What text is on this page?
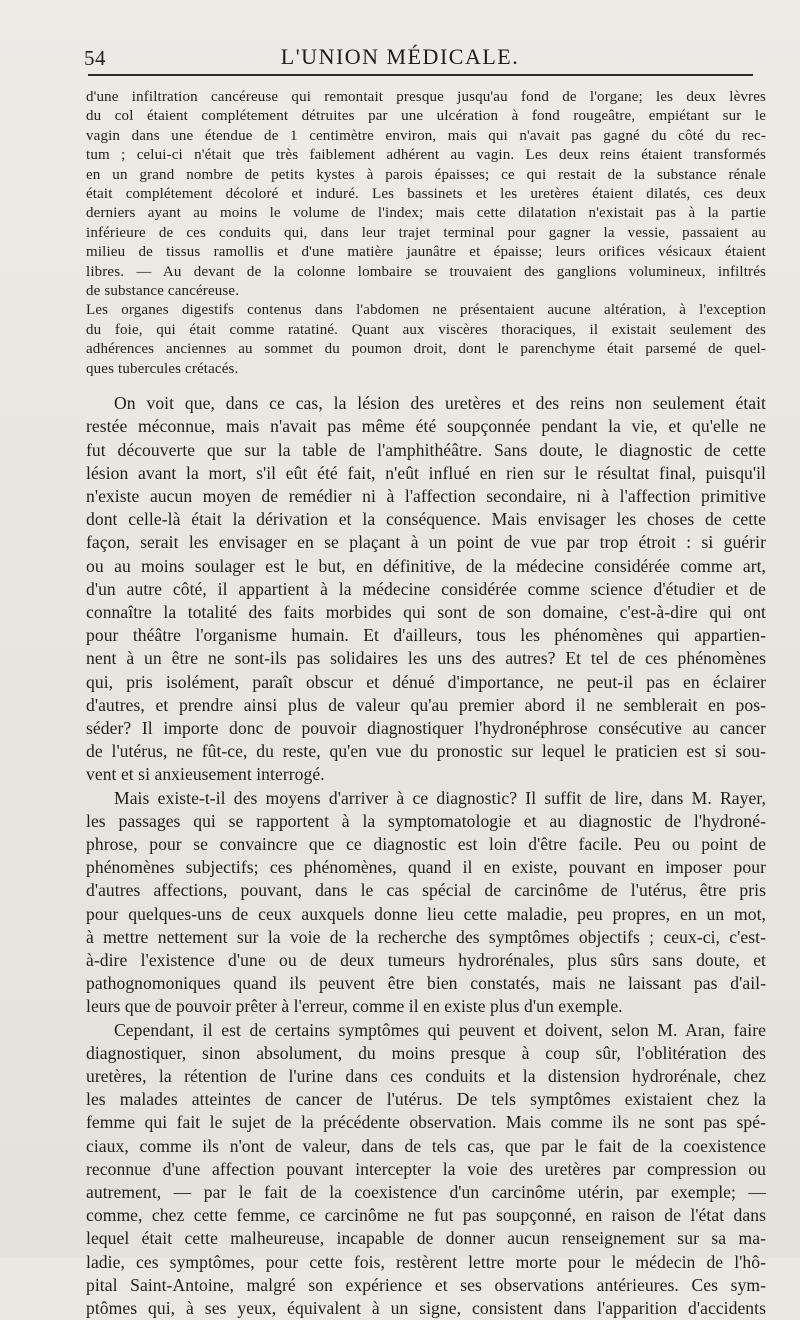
54	L'UNION MÉDICALE.
d'une infiltration cancéreuse qui remontait presque jusqu'au fond de l'organe; les deux lèvres
du col étaient complétement détruites par une ulcération à fond rougeâtre, empiétant sur le
vagin dans une étendue de 1 centimètre environ, mais qui n'avait pas gagné du côté du rec-
tum ; celui-ci n'était que très faiblement adhérent au vagin. Les deux reins étaient transformés
en un grand nombre de petits kystes à parois épaisses; ce qui restait de la substance rénale
était complétement décoloré et induré. Les bassinets et les uretères étaient dilatés, ces deux
derniers ayant au moins le volume de l'index; mais cette dilatation n'existait pas à la partie
inférieure de ces conduits qui, dans leur trajet terminal pour gagner la vessie, passaient au
milieu de tissus ramollis et d'une matière jaunâtre et épaisse; leurs orifices vésicaux étaient
libres. — Au devant de la colonne lombaire se trouvaient des ganglions volumineux, infiltrés
de substance cancéreuse.
Les organes digestifs contenus dans l'abdomen ne présentaient aucune altération, à l'exception
du foie, qui était comme ratatiné. Quant aux viscères thoraciques, il existait seulement des
adhérences anciennes au sommet du poumon droit, dont le parenchyme était parsemé de quel-
ques tubercules crétacés.
On voit que, dans ce cas, la lésion des uretères et des reins non seulement était
restée méconnue, mais n'avait pas même été soupçonnée pendant la vie, et qu'elle ne
fut découverte que sur la table de l'amphithéâtre. Sans doute, le diagnostic de cette
lésion avant la mort, s'il eût été fait, n'eût influé en rien sur le résultat final, puisqu'il
n'existe aucun moyen de remédier ni à l'affection secondaire, ni à l'affection primitive
dont celle-là était la dérivation et la conséquence. Mais envisager les choses de cette
façon, serait les envisager en se plaçant à un point de vue par trop étroit : si guérir
ou au moins soulager est le but, en définitive, de la médecine considérée comme art,
d'un autre côté, il appartient à la médecine considérée comme science d'étudier et de
connaître la totalité des faits morbides qui sont de son domaine, c'est-à-dire qui ont
pour théâtre l'organisme humain. Et d'ailleurs, tous les phénomènes qui appartien-
nent à un être ne sont-ils pas solidaires les uns des autres? Et tel de ces phénomènes
qui, pris isolément, paraît obscur et dénué d'importance, ne peut-il pas en éclairer
d'autres, et prendre ainsi plus de valeur qu'au premier abord il ne semblerait en pos-
séder? Il importe donc de pouvoir diagnostiquer l'hydronéphrose consécutive au cancer
de l'utérus, ne fût-ce, du reste, qu'en vue du pronostic sur lequel le praticien est si sou-
vent et si anxieusement interrogé.
Mais existe-t-il des moyens d'arriver à ce diagnostic? Il suffit de lire, dans M. Rayer,
les passages qui se rapportent à la symptomatologie et au diagnostic de l'hydroné-
phrose, pour se convaincre que ce diagnostic est loin d'être facile. Peu ou point de
phénomènes subjectifs; ces phénomènes, quand il en existe, pouvant en imposer pour
d'autres affections, pouvant, dans le cas spécial de carcinôme de l'utérus, être pris
pour quelques-uns de ceux auxquels donne lieu cette maladie, peu propres, en un mot,
à mettre nettement sur la voie de la recherche des symptômes objectifs ; ceux-ci, c'est-
à-dire l'existence d'une ou de deux tumeurs hydrorénales, plus sûrs sans doute, et
pathognomoniques quand ils peuvent être bien constatés, mais ne laissant pas d'ail-
leurs que de pouvoir prêter à l'erreur, comme il en existe plus d'un exemple.
Cependant, il est de certains symptômes qui peuvent et doivent, selon M. Aran, faire
diagnostiquer, sinon absolument, du moins presque à coup sûr, l'oblitération des
uretères, la rétention de l'urine dans ces conduits et la distension hydrorénale, chez
les malades atteintes de cancer de l'utérus. De tels symptômes existaient chez la
femme qui fait le sujet de la précédente observation. Mais comme ils ne sont pas spé-
ciaux, comme ils n'ont de valeur, dans de tels cas, que par le fait de la coexistence
reconnue d'une affection pouvant intercepter la voie des uretères par compression ou
autrement, — par le fait de la coexistence d'un carcinôme utérin, par exemple; —
comme, chez cette femme, ce carcinôme ne fut pas soupçonné, en raison de l'état dans
lequel était cette malheureuse, incapable de donner aucun renseignement sur sa ma-
ladie, ces symptômes, pour cette fois, restèrent lettre morte pour le médecin de l'hô-
pital Saint-Antoine, malgré son expérience et ses observations antérieures. Ces sym-
ptômes qui, à ses yeux, équivalent à un signe, consistent dans l'apparition d'accidents
